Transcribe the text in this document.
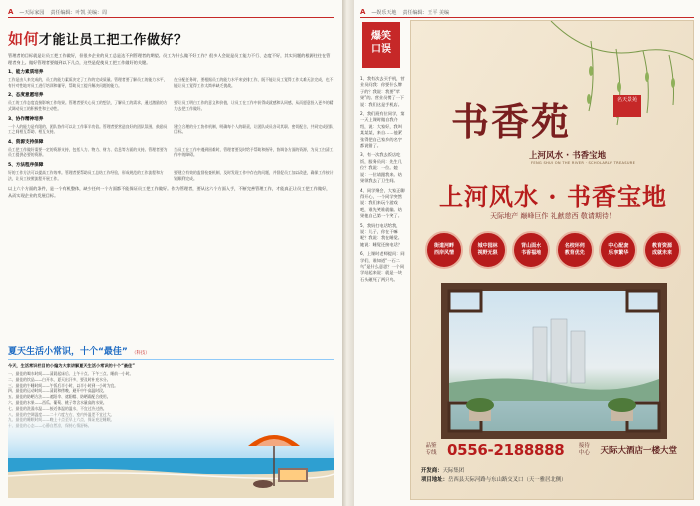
A —天际家园 责任编辑：叶凯 美编：周
如何才能让员工把工作做好？

管理者的目标就是让员工把工作做好，但很多企业的员工总是达不到管理者的期望。员工为什么做不好工作？很多人会说是员工能力不行、态度不好，其实问题的根源往往在管理者身上。做好管理者要做到以下几点，这些是促使员工把工作做好的关键。

1、能力素质培养

工作是由人来完成的，员工的能力素质决定了工作的完成质量。管理者要了解员工的能力水平，有针对性地对员工进行培训和辅导，帮助员工提升解决问题的能力。

在分配任务时，要根据员工的能力水平来安排工作，既不能让员工觉得工作太难无法完成，也不能让员工觉得工作太简单缺乏挑战。

2、态度意愿培养

员工的工作态度直接影响工作结果。管理者要关心员工的想法，了解员工的需求，通过激励的方式调动员工的积极性和主动性。

要让员工明白工作的意义和价值，让员工在工作中获得成就感和认同感，从而愿意投入更多的精力去把工作做好。

3、协作精神培养

一个人的能力是有限的，团队协作可以让工作事半功倍。管理者要营造良好的团队氛围，鼓励员工之间相互帮助、相互支持。

建立合理的分工协作机制，明确每个人的职责，让团队成员各司其职、密切配合，共同完成团队目标。

4、资源支持保障

员工把工作做好需要一定的资源支持，包括人力、物力、财力、信息等方面的支持。管理者要为员工提供必要的资源。

当员工在工作中遇到困难时，管理者要及时给予帮助和指导，协调各方面的资源，为员工扫清工作中的障碍。

5、方法程序保障

好的工作方法可以提高工作效率。管理者要帮助员工总结工作经验，形成规范的工作流程和方法，让员工按照流程开展工作。

要建立有效的监督检查机制，及时发现工作中存在的问题，并督促员工加以改进，确保工作按计划顺利完成。

以上六个方面的条件，是一个有机整体，缺少任何一个方面都不能保证员工把工作做好。作为管理者，要从这六个方面入手，不断完善管理工作，才能真正让员工把工作做好，从而实现企业的发展目标。

夏天生活小常识，十个“最佳” （科技）
今天，生活常识栏目的小编为大家讲解夏天生活小常识的十个“最佳”
一、最佳的喝水时间——清晨起床后、上午十点、下午三点、睡前一小时。
二、最佳的饮品——白开水，夏天出汗多，要及时补充水分。
三、最佳的午睡时间——午饭后半小时，以半小时到一小时为宜。
四、最佳的运动时间——清晨和傍晚，避开中午高温时段。
五、最佳的防晒方法——遮阳伞、遮阳帽、防晒霜配合使用。
六、最佳的水果——西瓜、葡萄、桃子等含水量高的水果。
A —娱乐天地 责任编辑：王平 美编
爆笑
口误

1、我有次去买手机，营业员问我：你要什么牌子的？我说：我要“苹果”的。营业员愣了一下说：我们这是手机店。

2、我们班有位同学，第一天上课时做自我介绍，说：大家好，我叫某某某，来自……他紧张得把自己家乡的名字都说错了。

3、有一次我去饭店吃饭，服务员问：先生几位？我说：一位。她说：一位请跟我来。结果领我去了卫生间。

4、同学聚会，大家正聊得开心，一个同学突然说：我们来玩个游戏吧，谁先笑谁就输。结果他自己第一个笑了。

5、我妈打电话给我，说：儿子，你在干嘛呢？我说：我在睡觉。她说：睡觉还接电话？

6、上课时老师提问：同学们，谁知道“一石二鸟”是什么意思？一个同学站起来说：就是一块石头砸死了两只鸟。

书香苑	名天景苑
上河风水 · 书香宝地
FENG SHUI ON THE RIVER · SCHOLARLY TREASURE
上河风水 · 书香宝地
天际地产 巅峰巨作 礼献慈西 敬请期待！
街道河畔
西岸风情
城中园林
视野无限
背山面水
书香福地
名校环伺
教育优先
中心配套
乐享繁华
教育资源
成就未来
品鉴
专线 0556-2188888	接待
中心	天际大酒店一楼大堂
开发商：天际集团
项目地址：岳西县天际河路与东山路交叉口（天一雅居北侧）
